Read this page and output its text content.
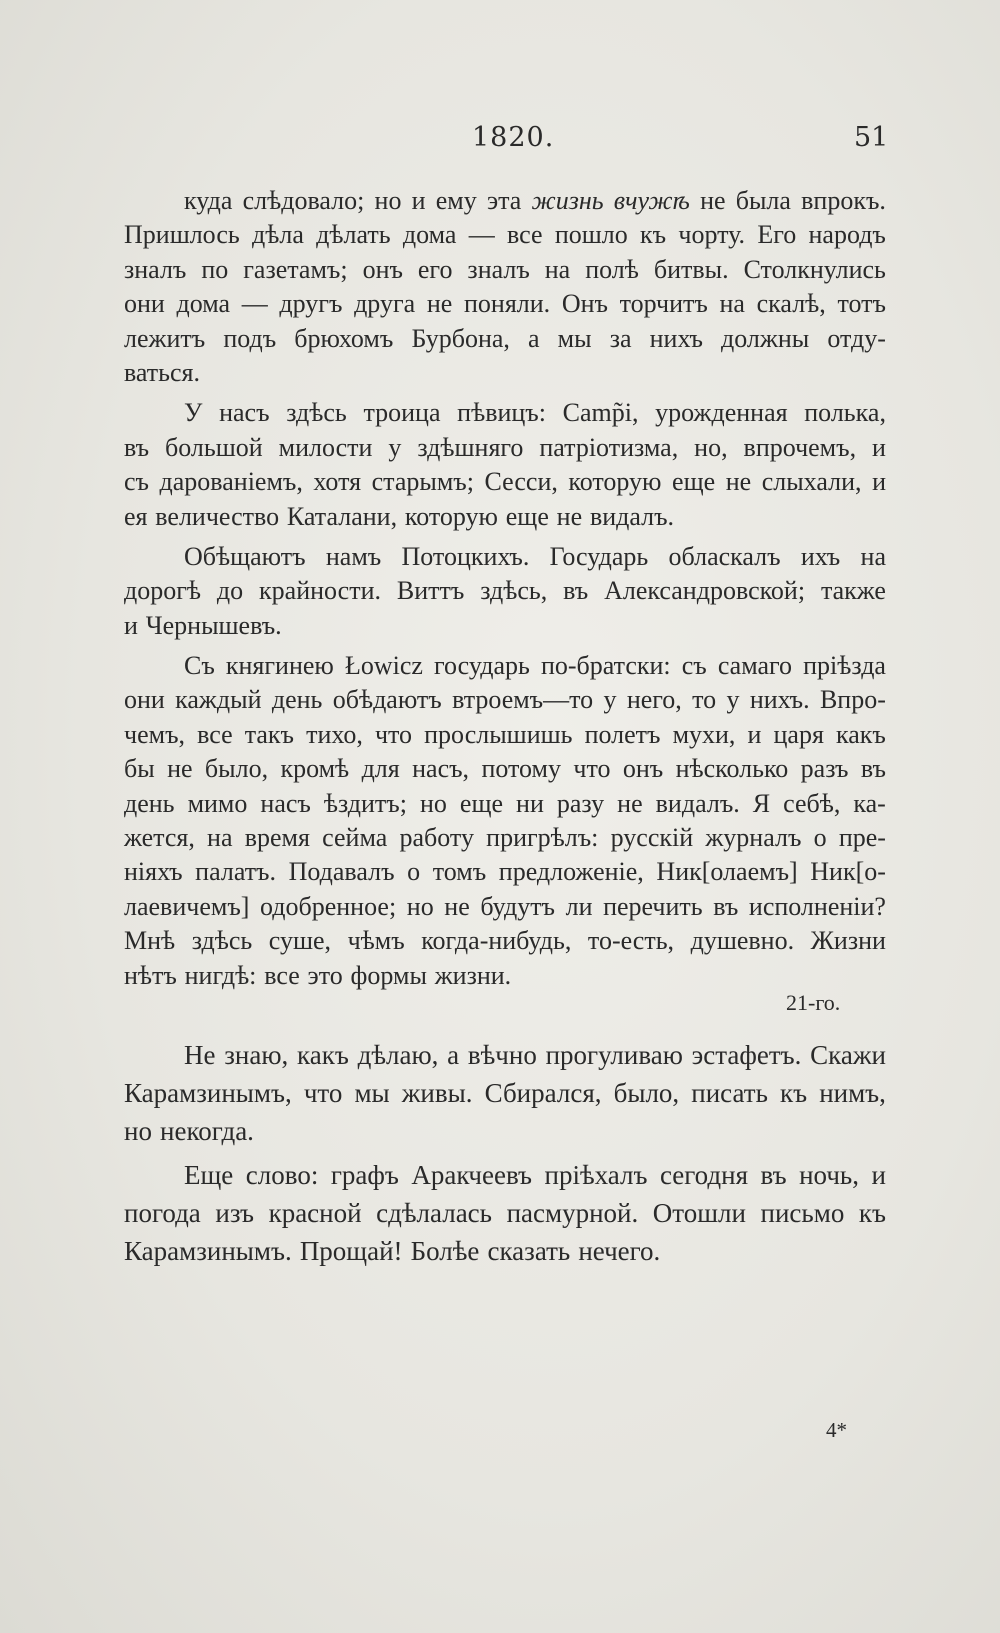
1820.	51
куда слѣдовало; но и ему эта жизнь вчужѣ не была впрокъ.
Пришлось дѣла дѣлать дома — все пошло къ чорту. Его народъ
зналъ по газетамъ; онъ его зналъ на полѣ битвы. Столкнулись
они дома — другъ друга не поняли. Онъ торчитъ на скалѣ, тотъ
лежитъ подъ брюхомъ Бурбона, а мы за нихъ должны отду-
ваться.
У насъ здѣсь троица пѣвицъ: Camp̃i, урожденная полька,
въ большой милости у здѣшняго патріотизма, но, впрочемъ, и
съ дарованіемъ, хотя старымъ; Сесси, которую еще не слыхали, и
ея величество Каталани, которую еще не видалъ.
Обѣщаютъ намъ Потоцкихъ. Государь обласкалъ ихъ на
дорогѣ до крайности. Виттъ здѣсь, въ Александровской; также
и Чернышевъ.
Съ княгинею Łowicz государь по-братски: съ самаго пріѣзда
они каждый день обѣдаютъ втроемъ—то у него, то у нихъ. Впро-
чемъ, все такъ тихо, что прослышишь полетъ мухи, и царя какъ
бы не было, кромѣ для насъ, потому что онъ нѣсколько разъ въ
день мимо насъ ѣздитъ; но еще ни разу не видалъ. Я себѣ, ка-
жется, на время сейма работу пригрѣлъ: русскій журналъ о пре-
ніяхъ палатъ. Подавалъ о томъ предложеніе, Ник[олаемъ] Ник[о-
лаевичемъ] одобренное; но не будутъ ли перечить въ исполненіи?
Мнѣ здѣсь суше, чѣмъ когда-нибудь, то-есть, душевно. Жизни
нѣтъ нигдѣ: все это формы жизни.
21-го.
Не знаю, какъ дѣлаю, а вѣчно прогуливаю эстафетъ. Скажи
Карамзинымъ, что мы живы. Сбирался, было, писать къ нимъ,
но некогда.
Еще слово: графъ Аракчеевъ пріѣхалъ сегодня въ ночь, и
погода изъ красной сдѣлалась пасмурной. Отошли письмо къ
Карамзинымъ. Прощай! Болѣе сказать нечего.
4*
